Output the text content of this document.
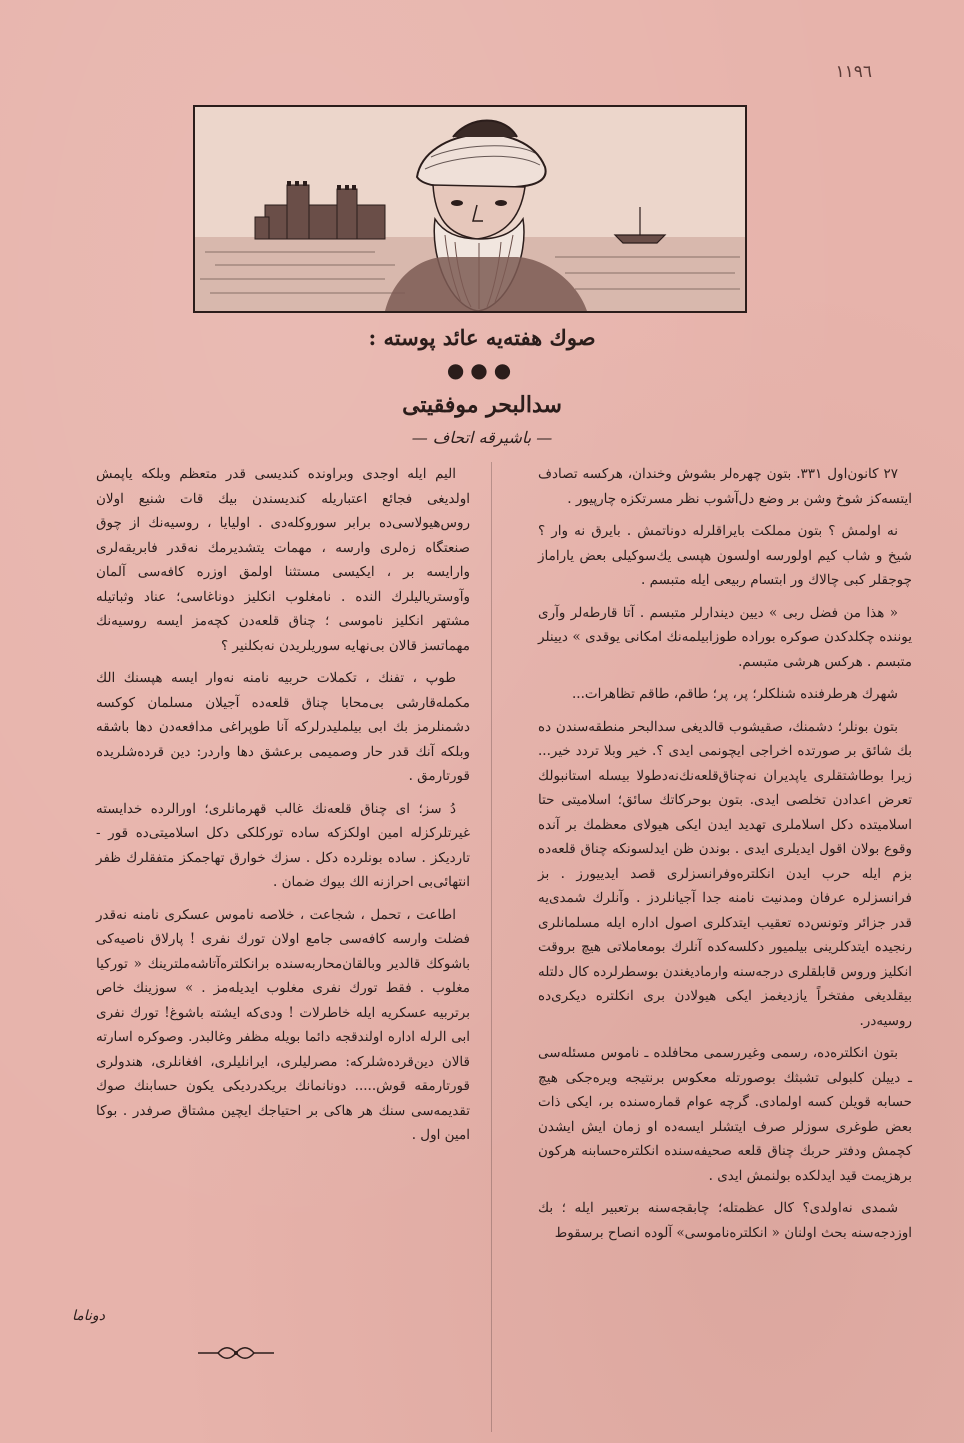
١١٩٦
صوك هفته‌یه عائد پوسته :
●●●
سدالبحر موفقیتی
— باشيرقه اتحاف —

۲۷ كانون‌اول ۳۳۱. بتون چهره‌لر بشوش وخندان، هركسه تصادف ایتسه‌كز شوخ وشن بر وضع دل‌آشوب نظر مسرتكزه چارپيور .

نه اولمش ؟ بتون مملكت بایراقلرله دوناتمش . بایرق نه وار ؟ شيخ و شاب كيم اولورسه اولسون هپسی یك‌سوكيلی بعض یاراماز چوجقلر كبی چالاك ور ابتسام ربيعی ایله متبسم .

« هذا من فضل ربی » دیین دیندارلر متبسم . آتا قارطه‌لر وآری یوننده چكلدكدن صوكره بوراده طوزابيلمه‌نك امكانی یوقدی » دیينلر متبسم . هركس هرشی متبسم.

شهرك هرطرفنده شنلكلر؛ پر، پر؛ طاقم، طاقم تظاهرات...

بتون بونلر؛ دشمنك، صقيشوب قالديغی سدالبحر منطقه‌سندن ده بك شائق بر صورتده اخراجی ایچونمی ایدی ؟. خير وبلا تردد خير... زيرا بوطاشتقلری یاپدیران نه‌چناق‌قلعه‌نك‌نه‌‌دطولا بیسله استانبولك تعرض اعدادن تخلصی ایدی. بتون بوحركاتك سائق؛ اسلامیتی حتا اسلامیتده دكل اسلاملری تهدید ایدن ایكی هیولای معظمك بر آنده وقوع بولان اقول ایدیلری ایدی . بوندن ظن ایدلسونكه چناق قلعه‌ده بزم ایله حرب ایدن انكلتره‌وفرانسزلری قصد ایدیيورز . بز فرانسزلره عرفان ومدنيت نامنه جدا آجيانلردز . وآنلرك شمدی‌یه قدر جزائر وتونس‌ده تعقيب ايتدكلری اصول اداره ايله مسلمانلری رنجيده ايتدكلرينی بيلميور دكلسه‌كده آنلرك بومعاملاتی هيچ بروقت انكليز وروس قابلقلری درجه‌سنه وارماديغندن بوسطرلرده كال دلتله بيقلديغی مفتخراً یازدیغمز ایكی هيولادن بری انكلتره دیكری‌ده روسيه‌در.

بتون انكلتره‌ده، رسمی وغيررسمی محافلده ـ ناموس مسئله‌سی ـ دیيلن كلبولی تشبثك بوصورتله معكوس برنتيجه ويره‌جكی هيچ حسابه قويلن كسه اولمادی. گرچه عوام قماره‌سنده بر، ايكی ذات بعض طوغری سوزلر صرف ايتشلر ايسه‌ده او زمان ايش ايشدن كچمش ودفتر حربك چناق قلعه صحيفه‌سنده انكلتره‌حسابنه هركون برهزيمت قيد ايدلكده بولنمش ايدی .

شمدی نه‌اولدی؟ كال عظمتله؛ چابقجه‌سنه برتعبير ايله ؛ بك اوزدجه‌سنه بحث اولنان « انكلتره‌ناموسی» آلوده انصاح برسقوط

اليم ايله اوجدی وبراونده كنديسی قدر متعظم وبلكه یاپمش اولديغی فجائع اعتباريله كنديسندن بيك قات شنيع اولان روس‌هيولاسی‌ده برابر سوروكله‌دی . اوليايا ، روسيه‌نك از چوق صنعتگاه‌ زه‌لری وارسه ، مهمات یتشديرمك نه‌قدر فابریقه‌لری وارايسه بر ، ايكيسی مستثنا اولمق اوزره كافه‌سی آلمان وآوستريالیلرك الندە . نامغلوب انكليز دوناغاسی؛ عناد وثباتيله مشتهر انكليز ناموسی ؛ چناق قلعه‌دن كچه‌مز ايسه روسيه‌نك مهماتسز قالان بی‌نهايه سوريلريدن نه‌بكلنير ؟

طوپ ، تفنك ، تكملات حربيه نامنه نه‌وار ايسه هپسنك الك مكمله‌قارشی بی‌محابا چناق قلعه‌ده آجيلان مسلمان كوكسه دشمنلرمز بك ابی بيلمليدرلركه آنا طوپراغی مدافعه‌دن دها باشقه وبلكه آنك قدر حار وصميمی برعشق دها واردر: دين قرده‌شلريده قورتارمق .

دُ سز؛ ای چناق قلعه‌نك غالب قهرمانلری؛ اورالرده خدايسته غيرتلركزله امين اولكزكه ساده توركلكی دكل اسلاميتی‌ده قور - تارديكز . ساده بونلرده دكل . سزك خوارق تهاجمكز متفقلرك ظفر انتهائی‌بی احرازنه الك بيوك ضمان .

اطاعت ، تحمل ، شجاعت ، خلاصه ناموس عسكری نامنه نه‌قدر فضلت وارسه كافه‌سی جامع اولان تورك نفری ! پارلاق ناصيه‌كی باشوكك قالدير وبالقان‌محاربه‌سنده برانكلتره‌آتاشه‌ملترينك « توركيا مغلوب . فقط تورك نفری مغلوب ايديله‌مز . » سوزينك خاص برتربيه عسكريه ايله خاطرلات ! ودی‌كه ايشته باشوغ! تورك نفری ابی الرله اداره اولندقجه دائما بويله مظفر وغالبدر. وصوكره اسارته قالان دين‌قرده‌شلركه: مصرليلری، ايرانليلری، افغانلری، هندولری قورتارمقه قوش..... دونانمانك بريكدرديكی يكون حسابنك صوك تقديمه‌سی سنك هر هاكی بر احتياجك ايچين مشتاق صرفدر . بوكا امين اول .

دوناما
